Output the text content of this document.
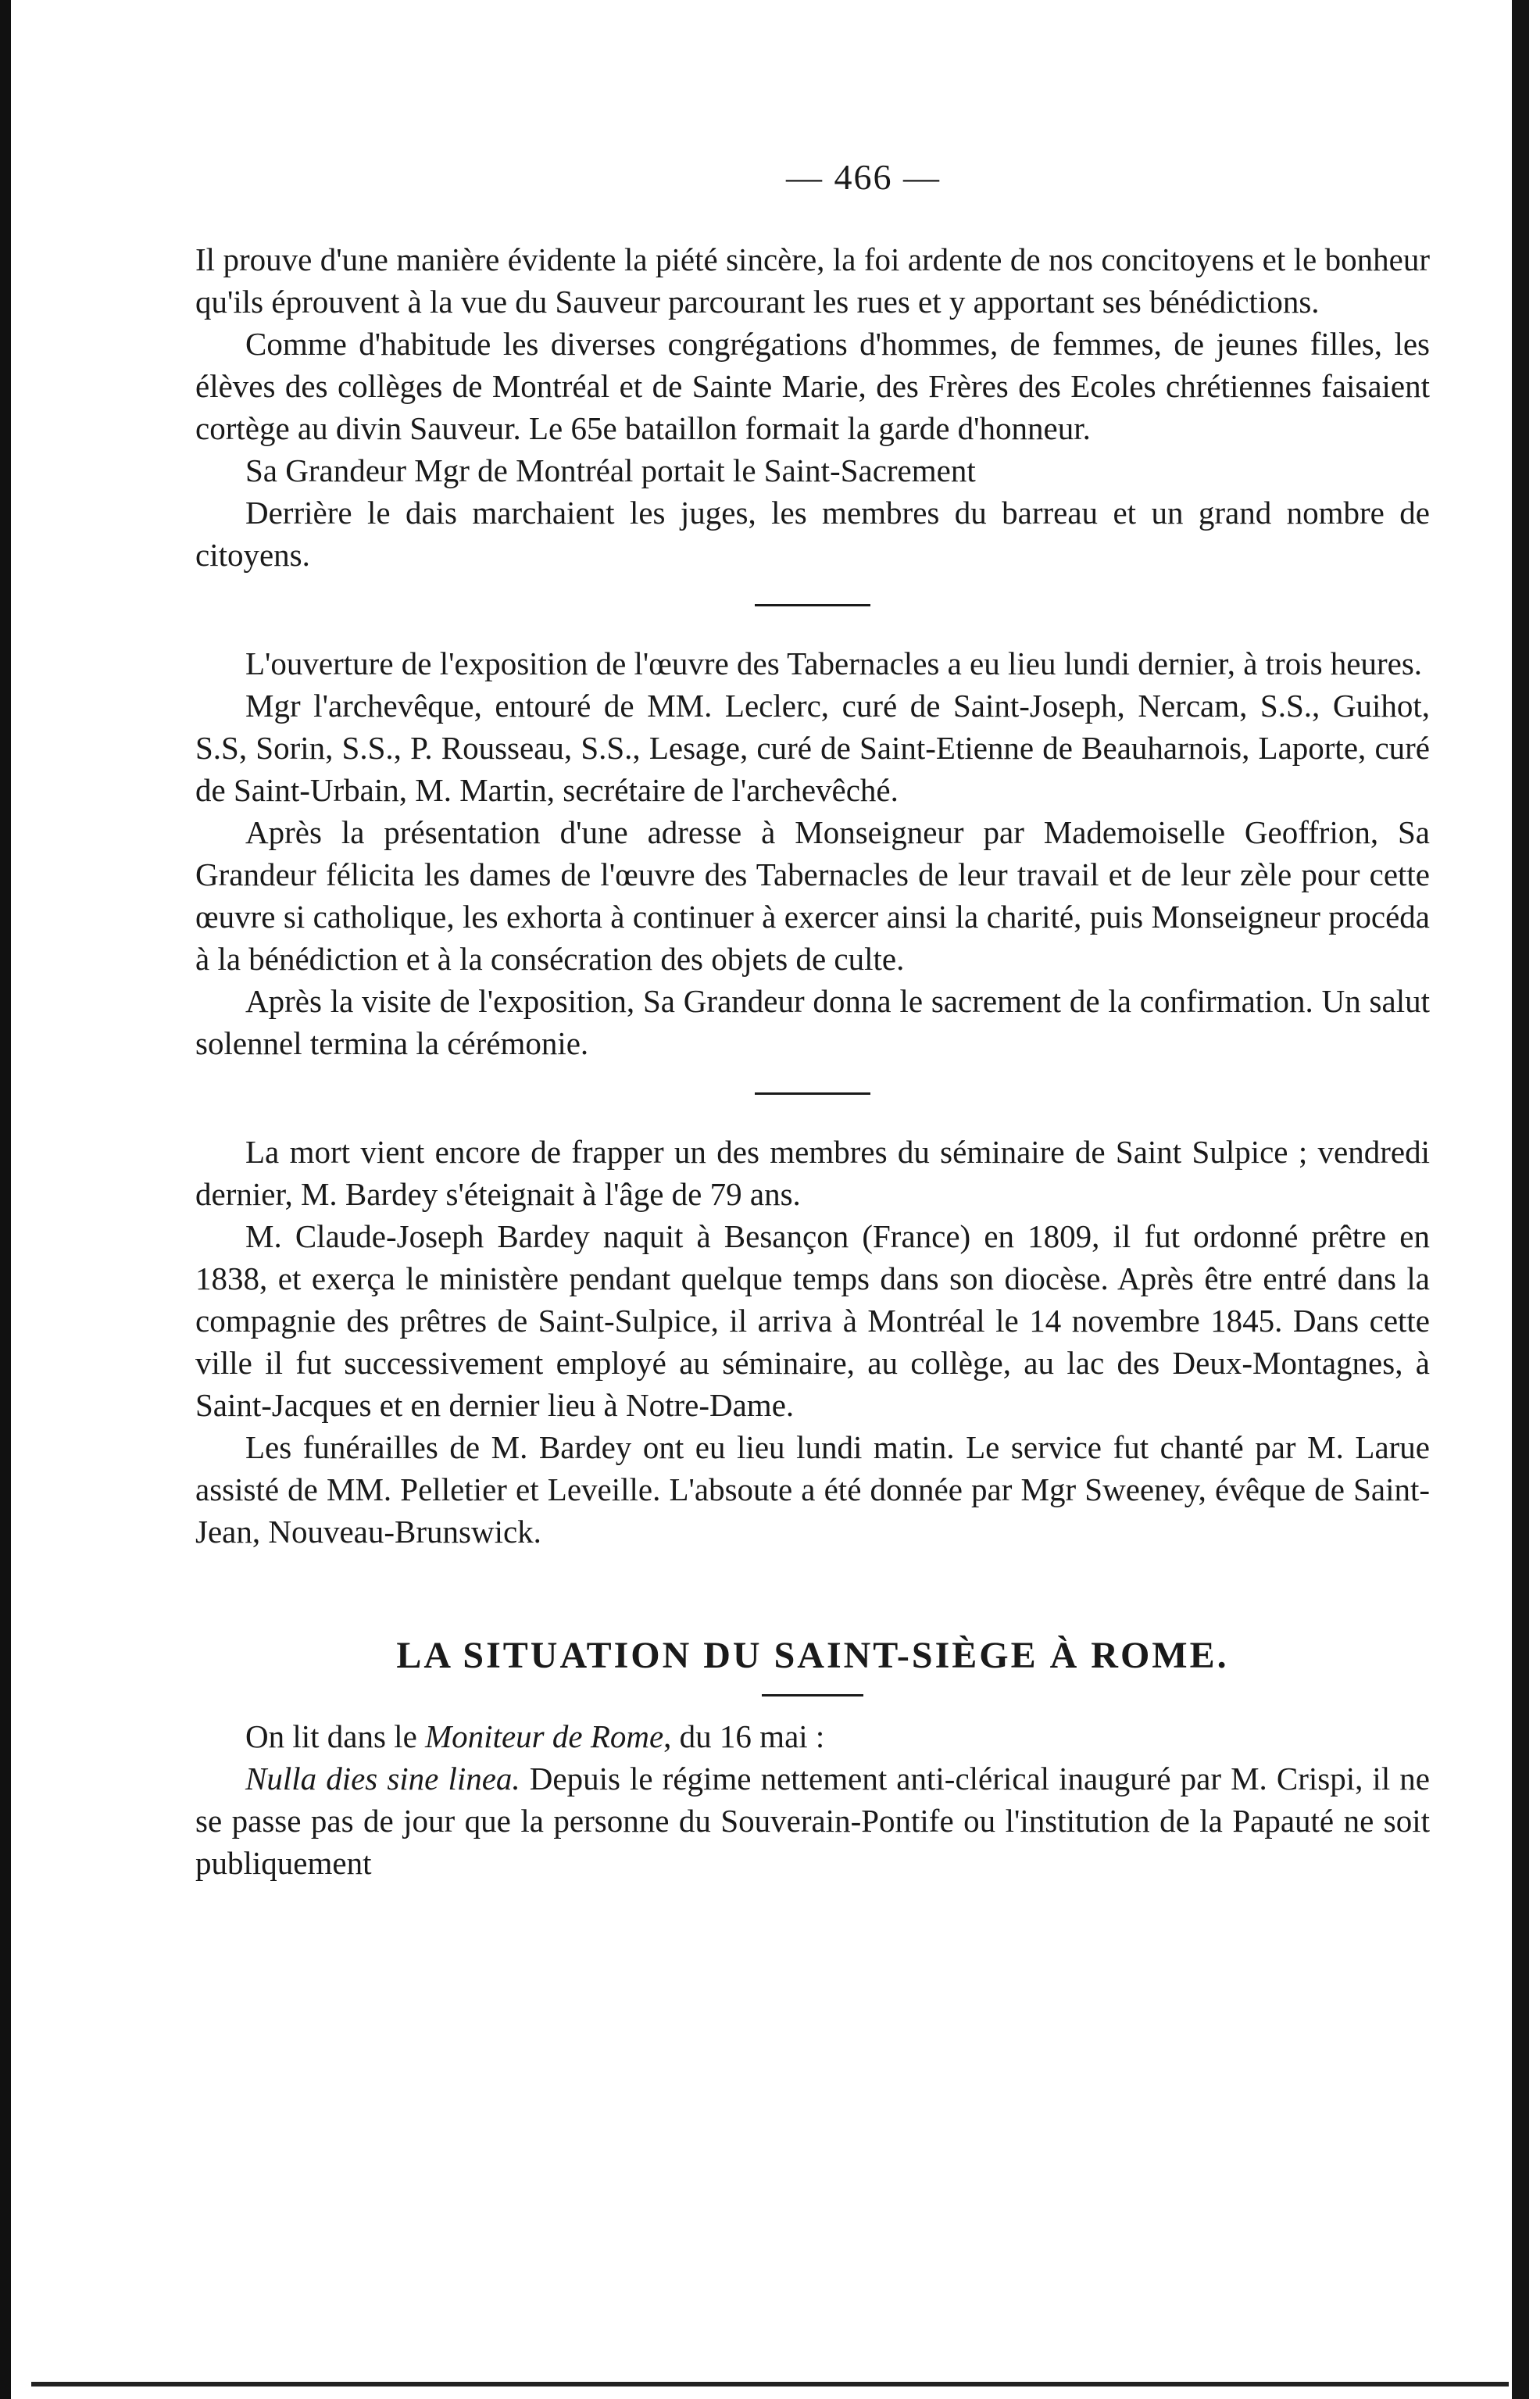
— 466 —

Il prouve d'une manière évidente la piété sincère, la foi ardente de nos concitoyens et le bonheur qu'ils éprouvent à la vue du Sauveur parcourant les rues et y apportant ses bénédictions.

Comme d'habitude les diverses congrégations d'hommes, de femmes, de jeunes filles, les élèves des collèges de Montréal et de Sainte Marie, des Frères des Ecoles chrétiennes faisaient cortège au divin Sauveur. Le 65e bataillon formait la garde d'honneur.

Sa Grandeur Mgr de Montréal portait le Saint-Sacrement

Derrière le dais marchaient les juges, les membres du barreau et un grand nombre de citoyens.

L'ouverture de l'exposition de l'œuvre des Tabernacles a eu lieu lundi dernier, à trois heures.

Mgr l'archevêque, entouré de MM. Leclerc, curé de Saint-Joseph, Nercam, S.S., Guihot, S.S, Sorin, S.S., P. Rousseau, S.S., Lesage, curé de Saint-Etienne de Beauharnois, Laporte, curé de Saint-Urbain, M. Martin, secrétaire de l'archevêché.

Après la présentation d'une adresse à Monseigneur par Mademoiselle Geoffrion, Sa Grandeur félicita les dames de l'œuvre des Tabernacles de leur travail et de leur zèle pour cette œuvre si catholique, les exhorta à continuer à exercer ainsi la charité, puis Monseigneur procéda à la bénédiction et à la consécration des objets de culte.

Après la visite de l'exposition, Sa Grandeur donna le sacrement de la confirmation. Un salut solennel termina la cérémonie.

La mort vient encore de frapper un des membres du séminaire de Saint Sulpice ; vendredi dernier, M. Bardey s'éteignait à l'âge de 79 ans.

M. Claude-Joseph Bardey naquit à Besançon (France) en 1809, il fut ordonné prêtre en 1838, et exerça le ministère pendant quelque temps dans son diocèse. Après être entré dans la compagnie des prêtres de Saint-Sulpice, il arriva à Montréal le 14 novembre 1845. Dans cette ville il fut successivement employé au séminaire, au collège, au lac des Deux-Montagnes, à Saint-Jacques et en dernier lieu à Notre-Dame.

Les funérailles de M. Bardey ont eu lieu lundi matin. Le service fut chanté par M. Larue assisté de MM. Pelletier et Leveille. L'absoute a été donnée par Mgr Sweeney, évêque de Saint-Jean, Nouveau-Brunswick.

LA SITUATION DU SAINT-SIÈGE À ROME.

On lit dans le Moniteur de Rome, du 16 mai :

Nulla dies sine linea. Depuis le régime nettement anti-clérical inauguré par M. Crispi, il ne se passe pas de jour que la personne du Souverain-Pontife ou l'institution de la Papauté ne soit publiquement
